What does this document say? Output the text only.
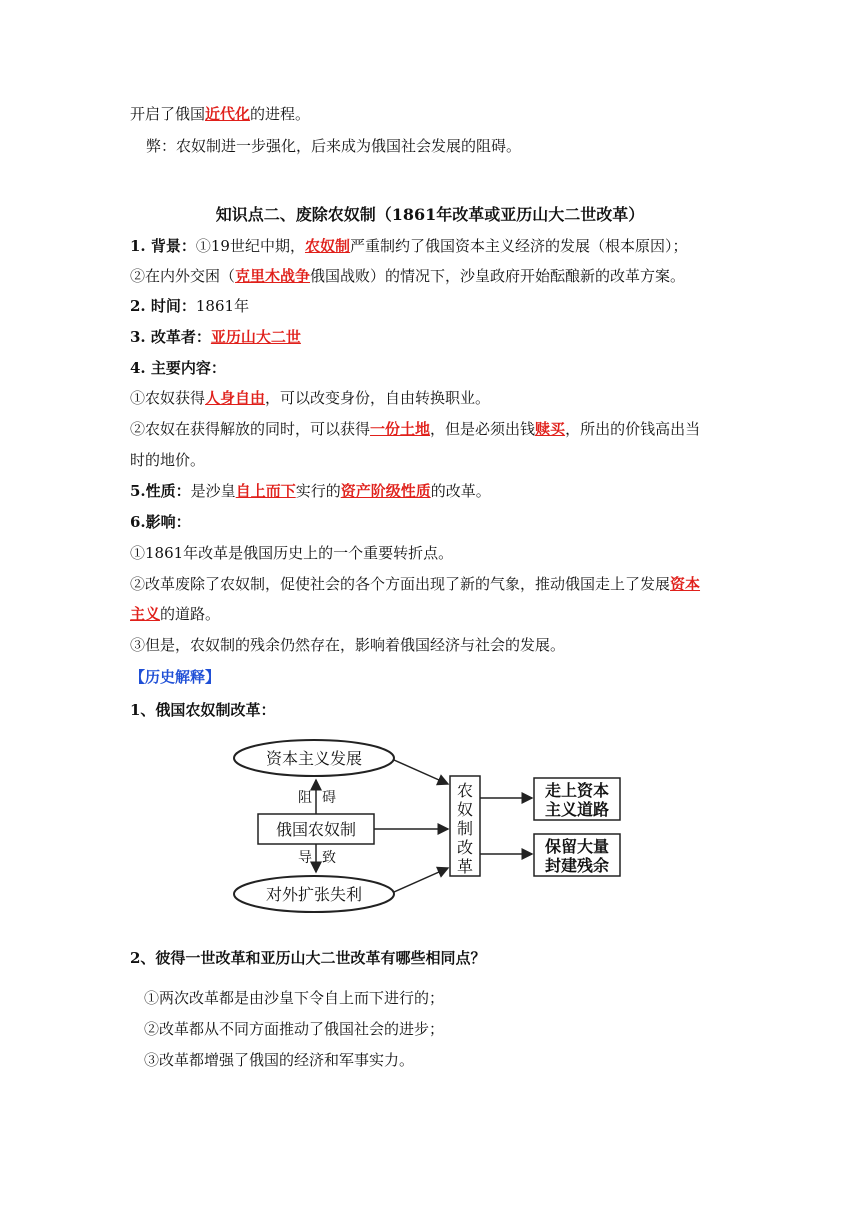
开启了俄国近代化的进程。
弊：农奴制进一步强化，后来成为俄国社会发展的阻碍。
知识点二、废除农奴制（1861年改革或亚历山大二世改革）
1. 背景：①19世纪中期，农奴制严重制约了俄国资本主义经济的发展（根本原因）；
②在内外交困（克里木战争俄国战败）的情况下，沙皇政府开始酝酿新的改革方案。
2. 时间：1861年
3. 改革者：亚历山大二世
4. 主要内容：
①农奴获得人身自由，可以改变身份，自由转换职业。
②农奴在获得解放的同时，可以获得一份土地，但是必须出钱赎买，所出的价钱高出当
时的地价。
5.性质：是沙皇自上而下实行的资产阶级性质的改革。
6.影响：
①1861年改革是俄国历史上的一个重要转折点。
②改革废除了农奴制，促使社会的各个方面出现了新的气象，推动俄国走上了发展资本
主义的道路。
③但是，农奴制的残余仍然存在，影响着俄国经济与社会的发展。
【历史解释】
1、俄国农奴制改革：
资本主义发展
俄国农奴制
对外扩张失利
阻 碍
导 致
农
奴
制
改
革
走上资本
主义道路
保留大量
封建残余
2、彼得一世改革和亚历山大二世改革有哪些相同点？
①两次改革都是由沙皇下令自上而下进行的；
②改革都从不同方面推动了俄国社会的进步；
③改革都增强了俄国的经济和军事实力。
